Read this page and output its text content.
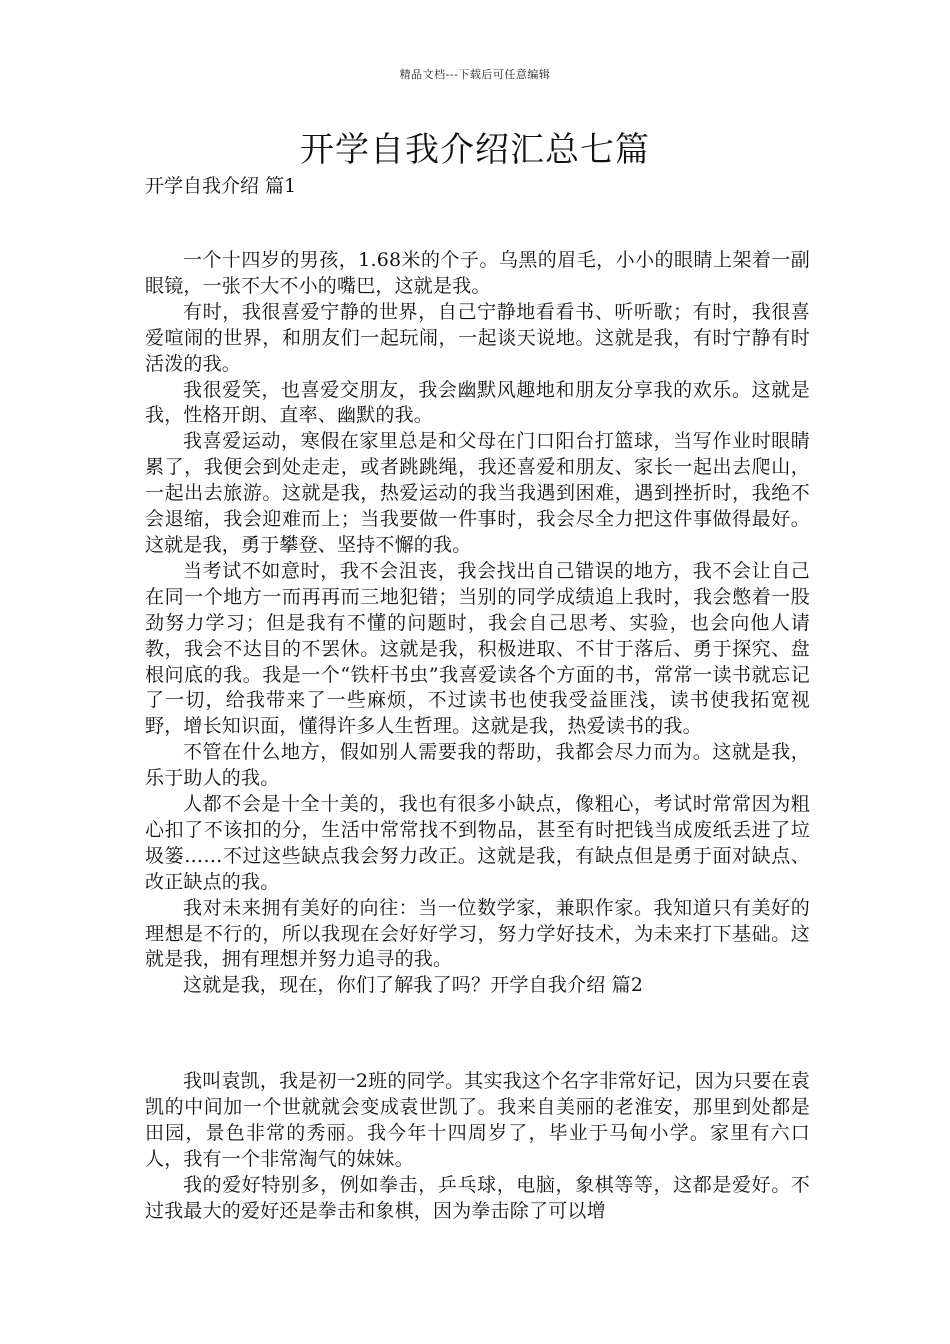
精品文档---下载后可任意编辑
开学自我介绍汇总七篇
开学自我介绍 篇1

一个十四岁的男孩，1.68米的个子。乌黑的眉毛，小小的眼睛上架着一副眼镜，一张不大不小的嘴巴，这就是我。

有时，我很喜爱宁静的世界，自己宁静地看看书、听听歌；有时，我很喜爱喧闹的世界，和朋友们一起玩闹，一起谈天说地。这就是我，有时宁静有时活泼的我。

我很爱笑，也喜爱交朋友，我会幽默风趣地和朋友分享我的欢乐。这就是我，性格开朗、直率、幽默的我。

我喜爱运动，寒假在家里总是和父母在门口阳台打篮球，当写作业时眼睛累了，我便会到处走走，或者跳跳绳，我还喜爱和朋友、家长一起出去爬山，一起出去旅游。这就是我，热爱运动的我当我遇到困难，遇到挫折时，我绝不会退缩，我会迎难而上；当我要做一件事时，我会尽全力把这件事做得最好。这就是我，勇于攀登、坚持不懈的我。

当考试不如意时，我不会沮丧，我会找出自己错误的地方，我不会让自己在同一个地方一而再再而三地犯错；当别的同学成绩追上我时，我会憋着一股劲努力学习；但是我有不懂的问题时，我会自己思考、实验，也会向他人请教，我会不达目的不罢休。这就是我，积极进取、不甘于落后、勇于探究、盘根问底的我。我是一个“铁杆书虫”我喜爱读各个方面的书，常常一读书就忘记了一切，给我带来了一些麻烦，不过读书也使我受益匪浅，读书使我拓宽视野，增长知识面，懂得许多人生哲理。这就是我，热爱读书的我。

不管在什么地方，假如别人需要我的帮助，我都会尽力而为。这就是我，乐于助人的我。

人都不会是十全十美的，我也有很多小缺点，像粗心，考试时常常因为粗心扣了不该扣的分，生活中常常找不到物品，甚至有时把钱当成废纸丢进了垃圾篓……不过这些缺点我会努力改正。这就是我，有缺点但是勇于面对缺点、改正缺点的我。

我对未来拥有美好的向往：当一位数学家，兼职作家。我知道只有美好的理想是不行的，所以我现在会好好学习，努力学好技术，为未来打下基础。这就是我，拥有理想并努力追寻的我。

这就是我，现在，你们了解我了吗？开学自我介绍 篇2

我叫袁凯，我是初一2班的同学。其实我这个名字非常好记，因为只要在袁凯的中间加一个世就就会变成袁世凯了。我来自美丽的老淮安，那里到处都是田园，景色非常的秀丽。我今年十四周岁了，毕业于马甸小学。家里有六口人，我有一个非常淘气的妹妹。

我的爱好特别多，例如拳击，乒乓球，电脑，象棋等等，这都是爱好。不过我最大的爱好还是拳击和象棋，因为拳击除了可以增
